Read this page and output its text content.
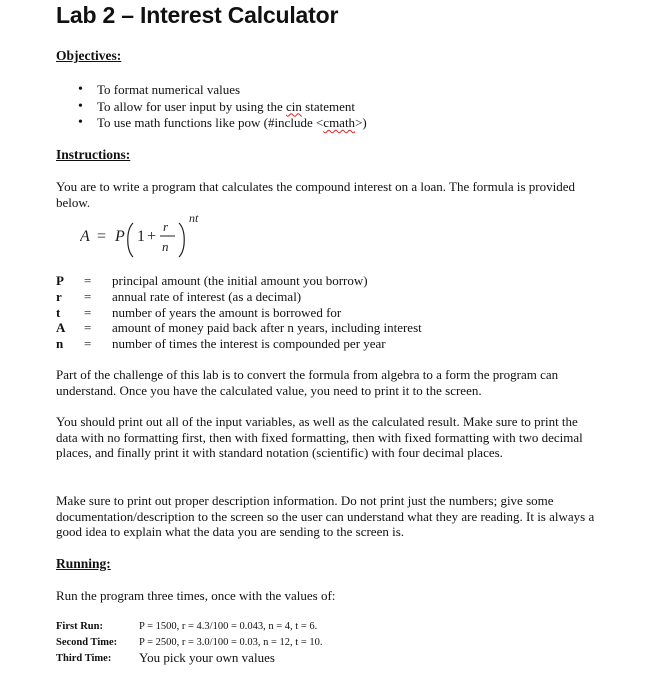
Lab 2 – Interest Calculator
Objectives:
• To format numerical values
• To allow for user input by using the cin statement
• To use math functions like pow (#include <cmath>)
Instructions:
You are to write a program that calculates the compound interest on a loan. The formula is provided below.
A = P 1 +
r
n
nt
P = principal amount (the initial amount you borrow)
r = annual rate of interest (as a decimal)
t = number of years the amount is borrowed for
A = amount of money paid back after n years, including interest
n = number of times the interest is compounded per year
Part of the challenge of this lab is to convert the formula from algebra to a form the program can understand. Once you have the calculated value, you need to print it to the screen.
You should print out all of the input variables, as well as the calculated result. Make sure to print the data with no formatting first, then with fixed formatting, then with fixed formatting with two decimal places, and finally print it with standard notation (scientific) with four decimal places.
Make sure to print out proper description information. Do not print just the numbers; give some documentation/description to the screen so the user can understand what they are reading. It is always a good idea to explain what the data you are sending to the screen is.
Running:
Run the program three times, once with the values of:
First Run:	P = 1500, r = 4.3/100 = 0.043, n = 4, t = 6.
Second Time: P = 2500, r = 3.0/100 = 0.03, n = 12, t = 10.
Third Time: You pick your own values
